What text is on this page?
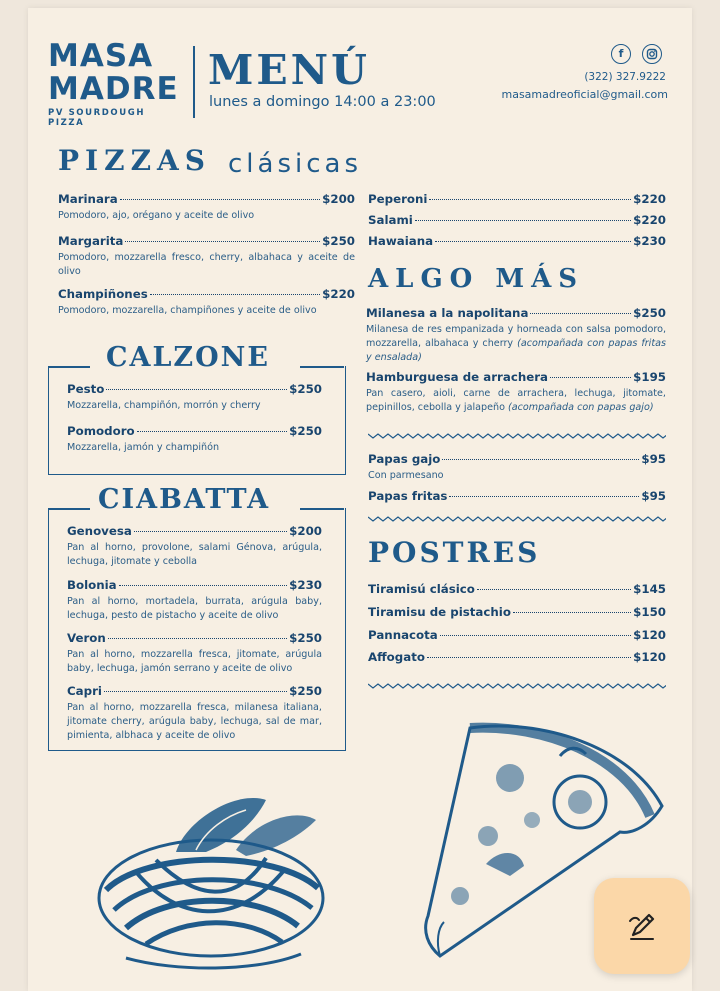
MASA
MADRE
PV SOURDOUGH PIZZA
MENÚ
lunes a domingo 14:00 a 23:00
f
(322) 327.9222
masamadreoficial@gmail.com
PIZZAS clásicas
Marinara	$200
Pomodoro, ajo, orégano y aceite de olivo
Margarita	$250
Pomodoro, mozzarella fresco, cherry, albahaca y aceite de olivo
Champiñones	$220
Pomodoro, mozzarella, champiñones y aceite de olivo
Peperoni	$220
Salami	$220
Hawaiana	$230
CALZONE
Pesto	$250
Mozzarella, champiñón, morrón y cherry
Pomodoro	$250
Mozzarella, jamón y champiñón
CIABATTA
Genovesa	$200
Pan al horno, provolone, salami Génova, arúgula, lechuga, jitomate y cebolla
Bolonia	$230
Pan al horno, mortadela, burrata, arúgula baby, lechuga, pesto de pistacho y aceite de olivo
Veron	$250
Pan al horno, mozzarella fresca, jitomate, arúgula baby, lechuga, jamón serrano y aceite de olivo
Capri	$250
Pan al horno, mozzarella fresca, milanesa italiana, jitomate cherry, arúgula baby, lechuga, sal de mar, pimienta, albhaca y aceite de olivo
ALGO MÁS
Milanesa a la napolitana	$250
Milanesa de res empanizada y horneada con salsa pomodoro, mozzarella, albahaca y cherry (acompañada con papas fritas y ensalada)
Hamburguesa de arrachera	$195
Pan casero, aioli, carne de arrachera, lechuga, jitomate, pepinillos, cebolla y jalapeño (acompañada con papas gajo)
Papas gajo	$95
Con parmesano
Papas fritas	$95
POSTRES
Tiramisú clásico	$145
Tiramisu de pistachio	$150
Pannacota	$120
Affogato	$120
